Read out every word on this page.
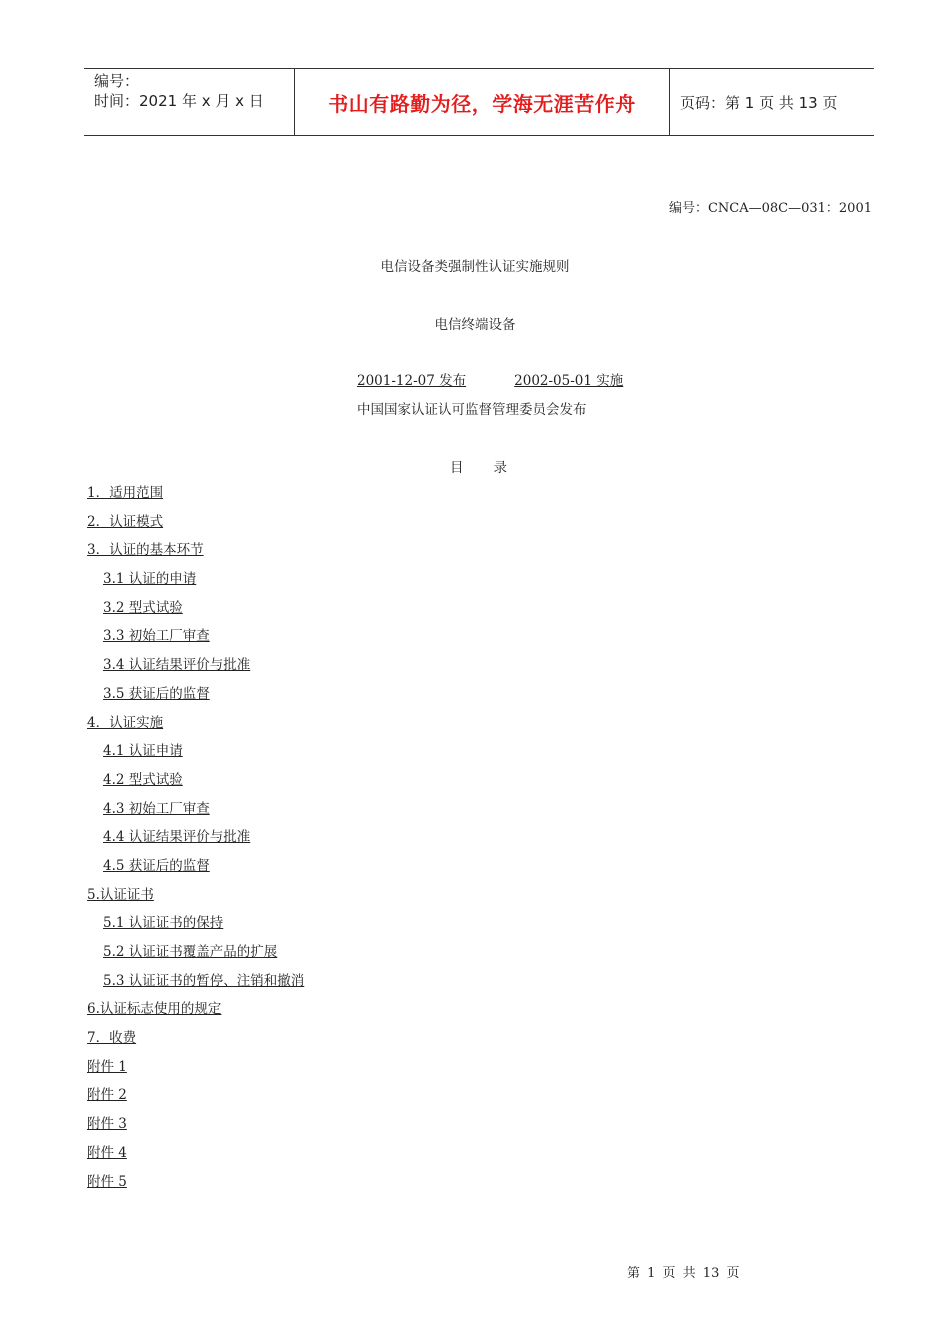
编号：
时间：2021 年 x 月 x 日	书山有路勤为径，学海无涯苦作舟	页码：第 1 页 共 13 页
编号：CNCA—08C—031：2001
电信设备类强制性认证实施规则
电信终端设备
2001-12-07 发布	2002-05-01 实施
中国国家认证认可监督管理委员会发布
目录
1．适用范围
2．认证模式
3．认证的基本环节
3.1 认证的申请
3.2 型式试验
3.3 初始工厂审查
3.4 认证结果评价与批准
3.5 获证后的监督
4．认证实施
4.1 认证申请
4.2 型式试验
4.3 初始工厂审查
4.4 认证结果评价与批准
4.5 获证后的监督
5.认证证书
5.1 认证证书的保持
5.2 认证证书覆盖产品的扩展
5.3 认证证书的暂停、注销和撤消
6.认证标志使用的规定
7．收费
附件 1
附件 2
附件 3
附件 4
附件 5
第 1 页 共 13 页
